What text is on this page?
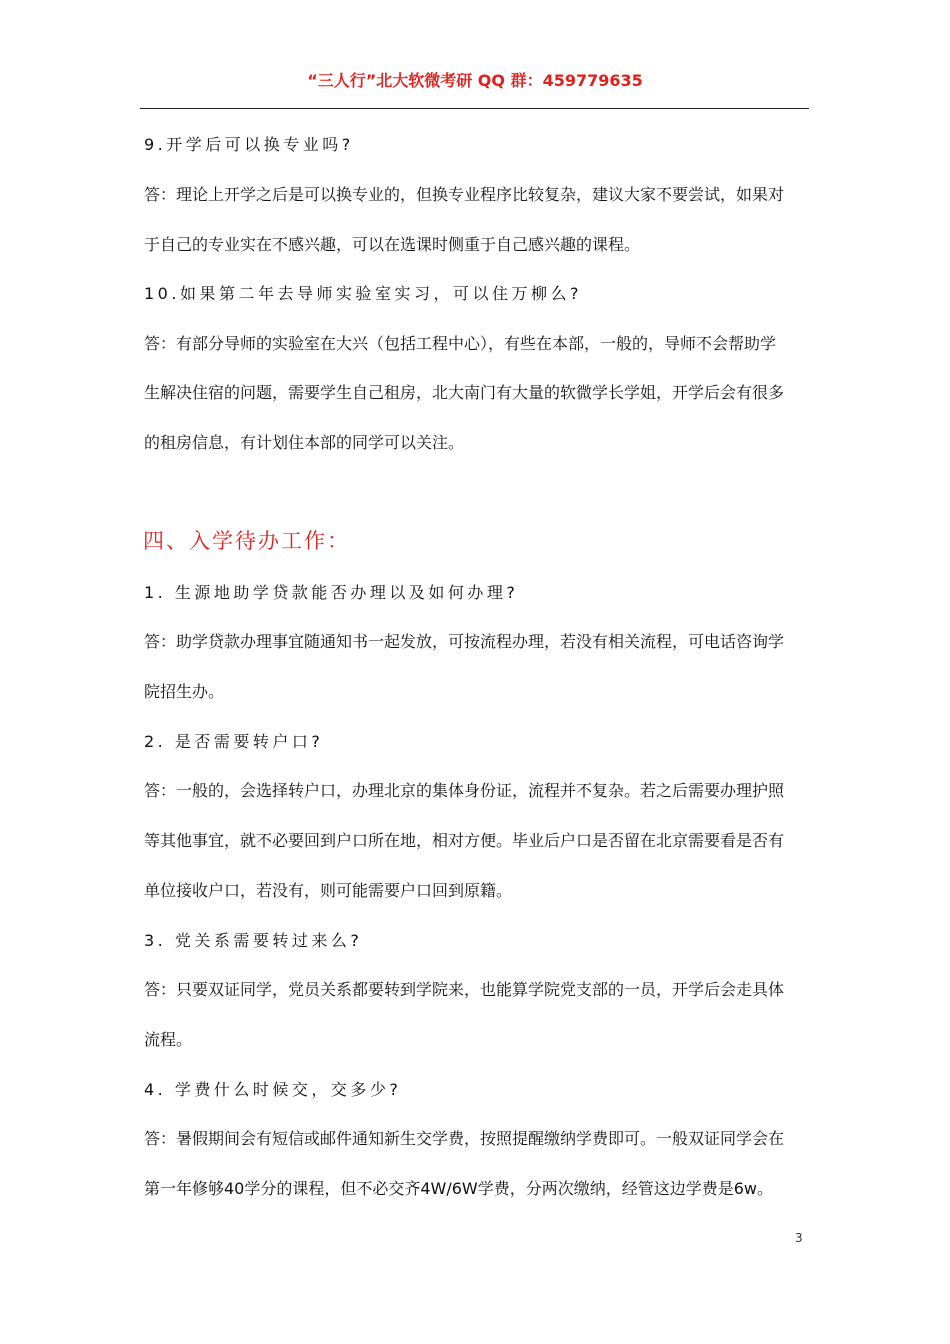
“三人行”北大软微考研 QQ 群：459779635
9.开学后可以换专业吗?
答：理论上开学之后是可以换专业的，但换专业程序比较复杂，建议大家不要尝试，如果对
于自己的专业实在不感兴趣，可以在选课时侧重于自己感兴趣的课程。
10.如果第二年去导师实验室实习，可以住万柳么?
答：有部分导师的实验室在大兴（包括工程中心），有些在本部，一般的，导师不会帮助学
生解决住宿的问题，需要学生自己租房，北大南门有大量的软微学长学姐，开学后会有很多
的租房信息，有计划住本部的同学可以关注。
四、入学待办工作：
1. 生源地助学贷款能否办理以及如何办理?
答：助学贷款办理事宜随通知书一起发放，可按流程办理，若没有相关流程，可电话咨询学
院招生办。
2. 是否需要转户口?
答：一般的，会选择转户口，办理北京的集体身份证，流程并不复杂。若之后需要办理护照
等其他事宜，就不必要回到户口所在地，相对方便。毕业后户口是否留在北京需要看是否有
单位接收户口，若没有，则可能需要户口回到原籍。
3. 党关系需要转过来么?
答：只要双证同学，党员关系都要转到学院来，也能算学院党支部的一员，开学后会走具体
流程。
4. 学费什么时候交，交多少?
答：暑假期间会有短信或邮件通知新生交学费，按照提醒缴纳学费即可。一般双证同学会在
第一年修够40学分的课程，但不必交齐4W/6W学费，分两次缴纳，经管这边学费是6w。
3
